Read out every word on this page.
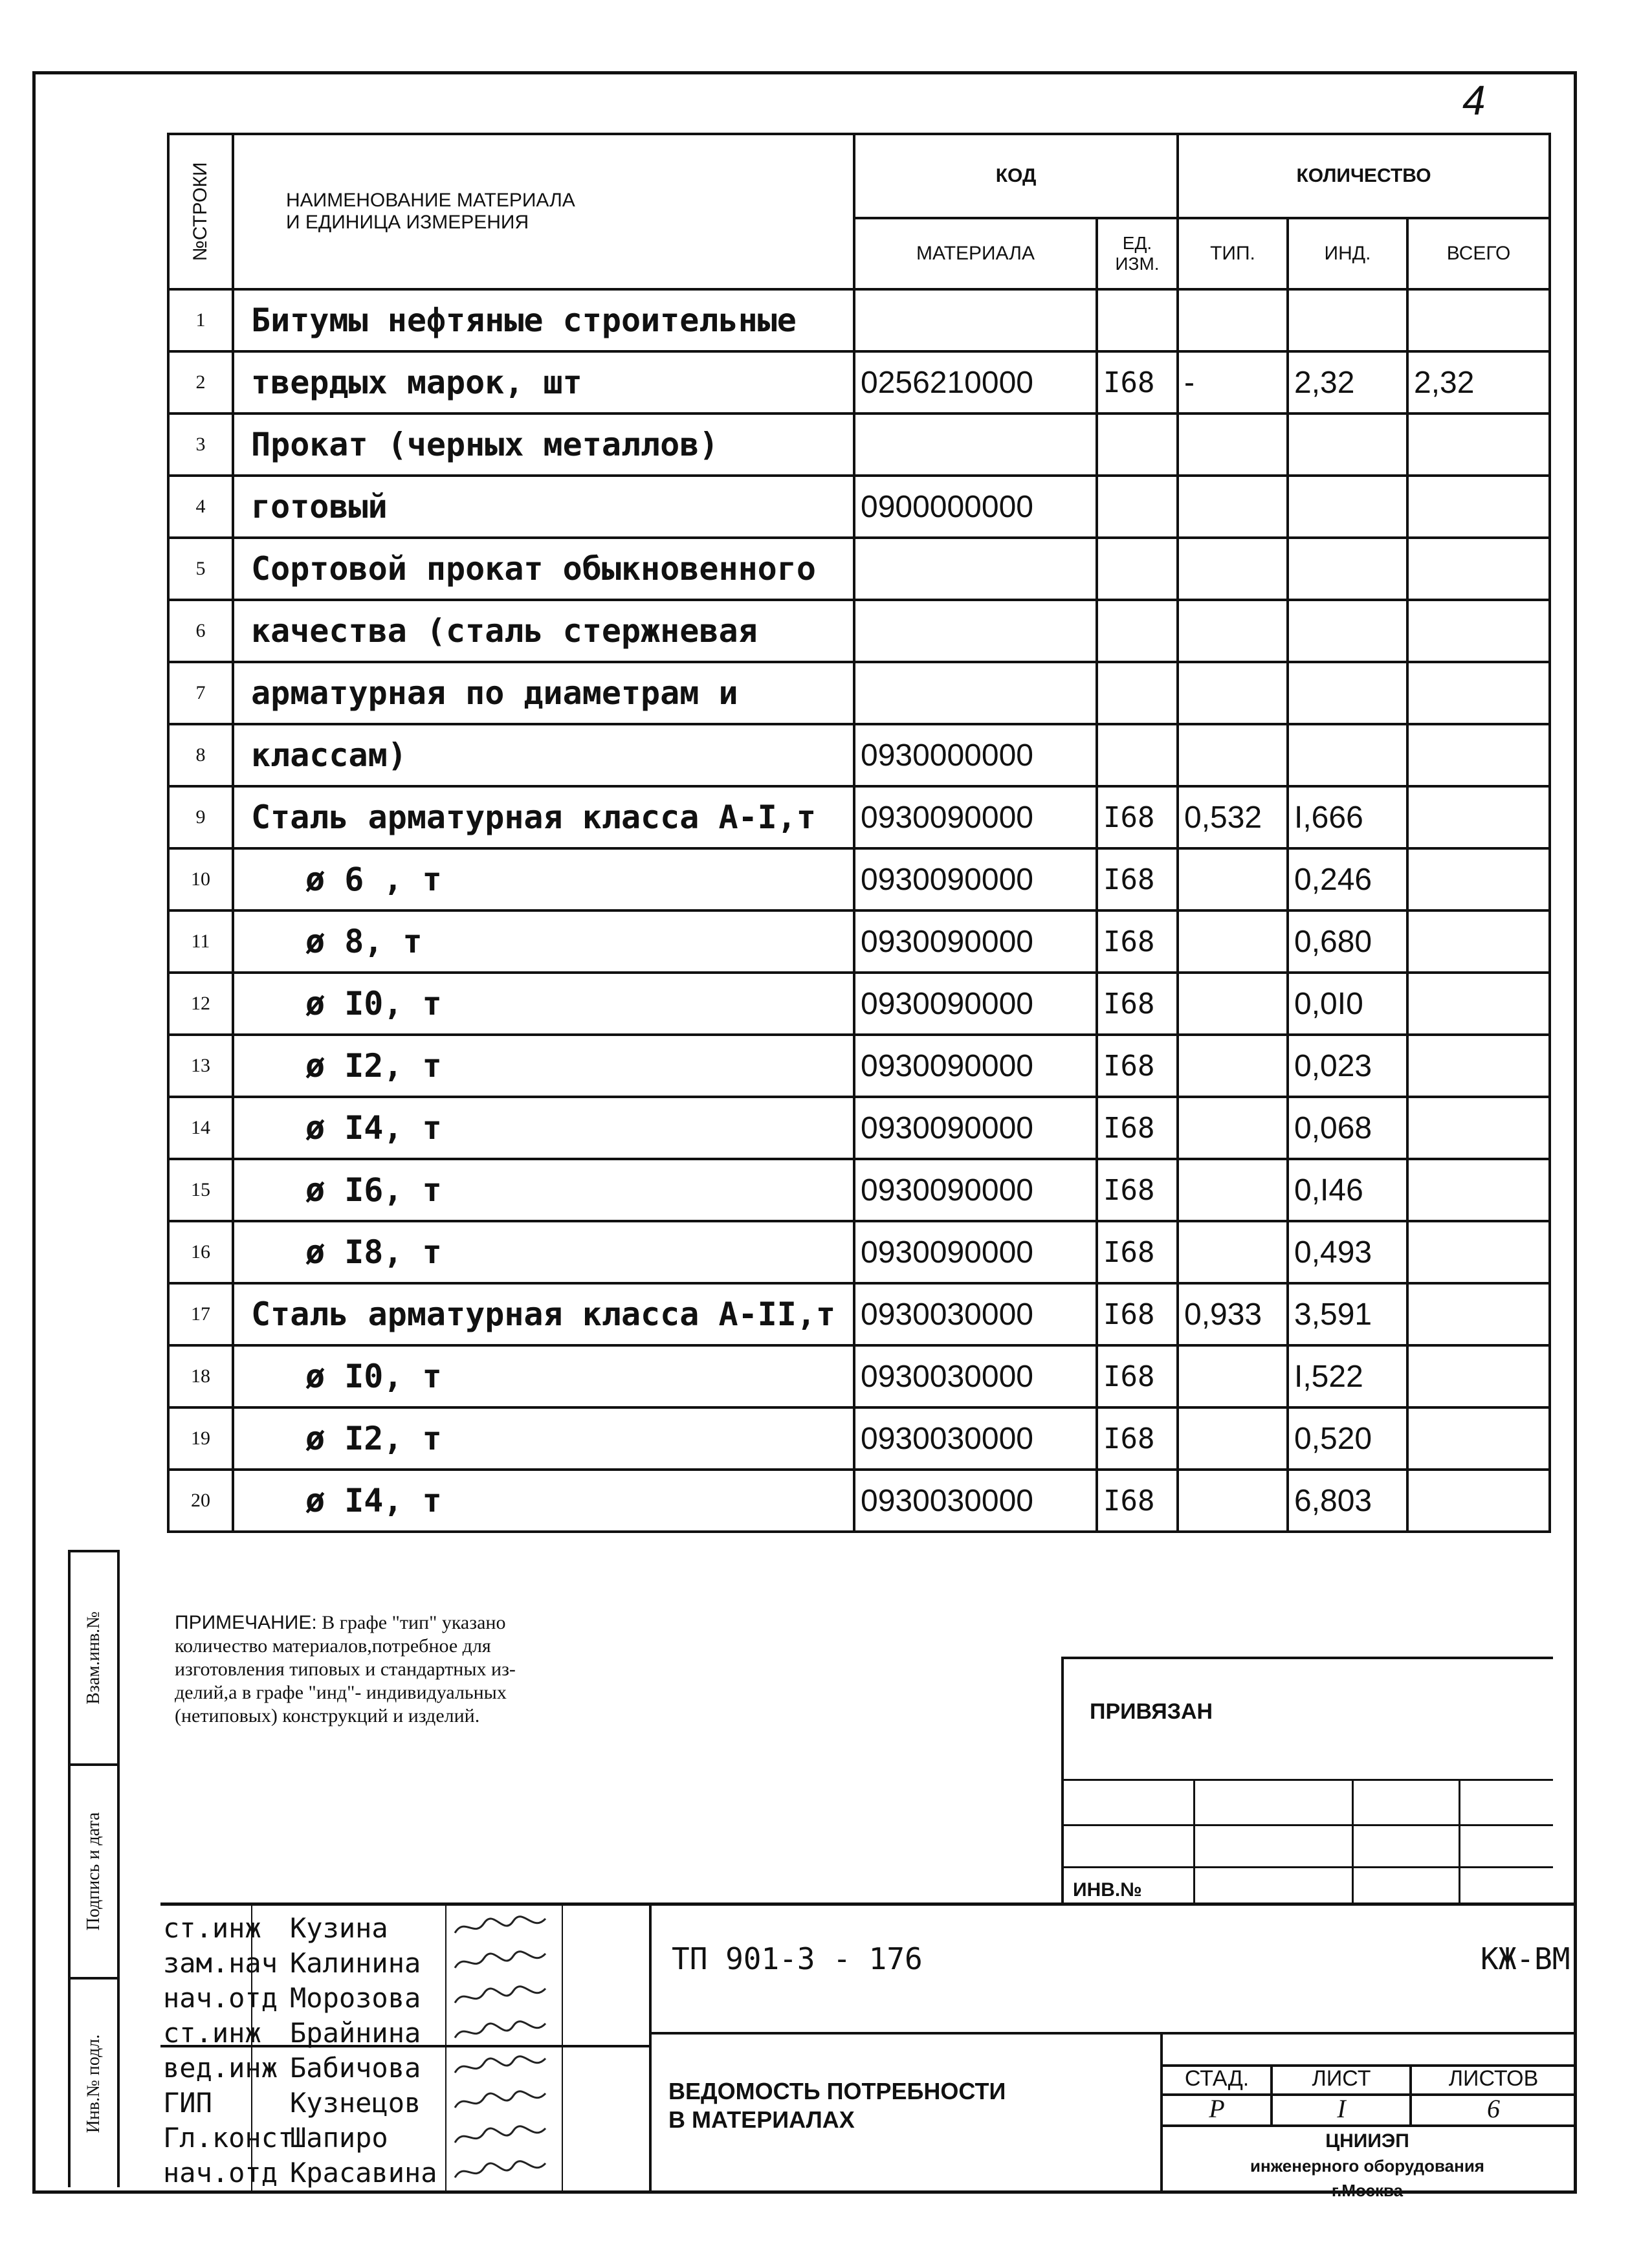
4
№СТРОКИ	НАИМЕНОВАНИЕ МАТЕРИАЛА
И ЕДИНИЦА ИЗМЕРЕНИЯ	КОД		КОЛИЧЕСТВО		
		МАТЕРИАЛА	ЕД. ИЗМ.	ТИП.	ИНД.	ВСЕГО
1	Битумы нефтяные строительные					
2	твердых марок, шт	0256210000	I68	-	2,32	2,32
3	Прокат (черных металлов)					
4	готовый	0900000000				
5	Сортовой прокат обыкновенного					
6	качества (сталь стержневая					
7	арматурная по диаметрам и					
8	классам)	0930000000				
9	Сталь арматурная класса А-I,т	0930090000	I68	0,532	I,666	
10	ø 6 , т	0930090000	I68		0,246	
11	ø 8, т	0930090000	I68		0,680	
12	ø I0, т	0930090000	I68		0,0I0	
13	ø I2, т	0930090000	I68		0,023	
14	ø I4, т	0930090000	I68		0,068	
15	ø I6, т	0930090000	I68		0,I46	
16	ø I8, т	0930090000	I68		0,493	
17	Сталь арматурная класса А-II,т	0930030000	I68	0,933	3,591	
18	ø I0, т	0930030000	I68		I,522	
19	ø I2, т	0930030000	I68		0,520	
20	ø I4, т	0930030000	I68		6,803	
ПРИМЕЧАНИЕ: В графе "тип" указано
количество материалов,потребное для
изготовления типовых и стандартных из-
делий,а в графе "инд"- индивидуальных
(нетиповых) конструкций и изделий.
Взам.инв.№
Подпись и дата
Инв.№ подл.
ПРИВЯЗАН
ИНВ.№
ст.инж Кузина
зам.нач Калинина
нач.отд Морозова
ст.инж Брайнина
вед.инж Бабичова
ГИП	Кузнецов
Гл.конст
Шапиро
нач.отд Красавина
ТП 901-3 - 176	КЖ-ВМ
ВЕДОМОСТЬ ПОТРЕБНОСТИ
В МАТЕРИАЛАХ
СТАД.	ЛИСТ	ЛИСТОВ
Р	I	6
ЦНИИЭП
инженерного оборудования
г.Москва
